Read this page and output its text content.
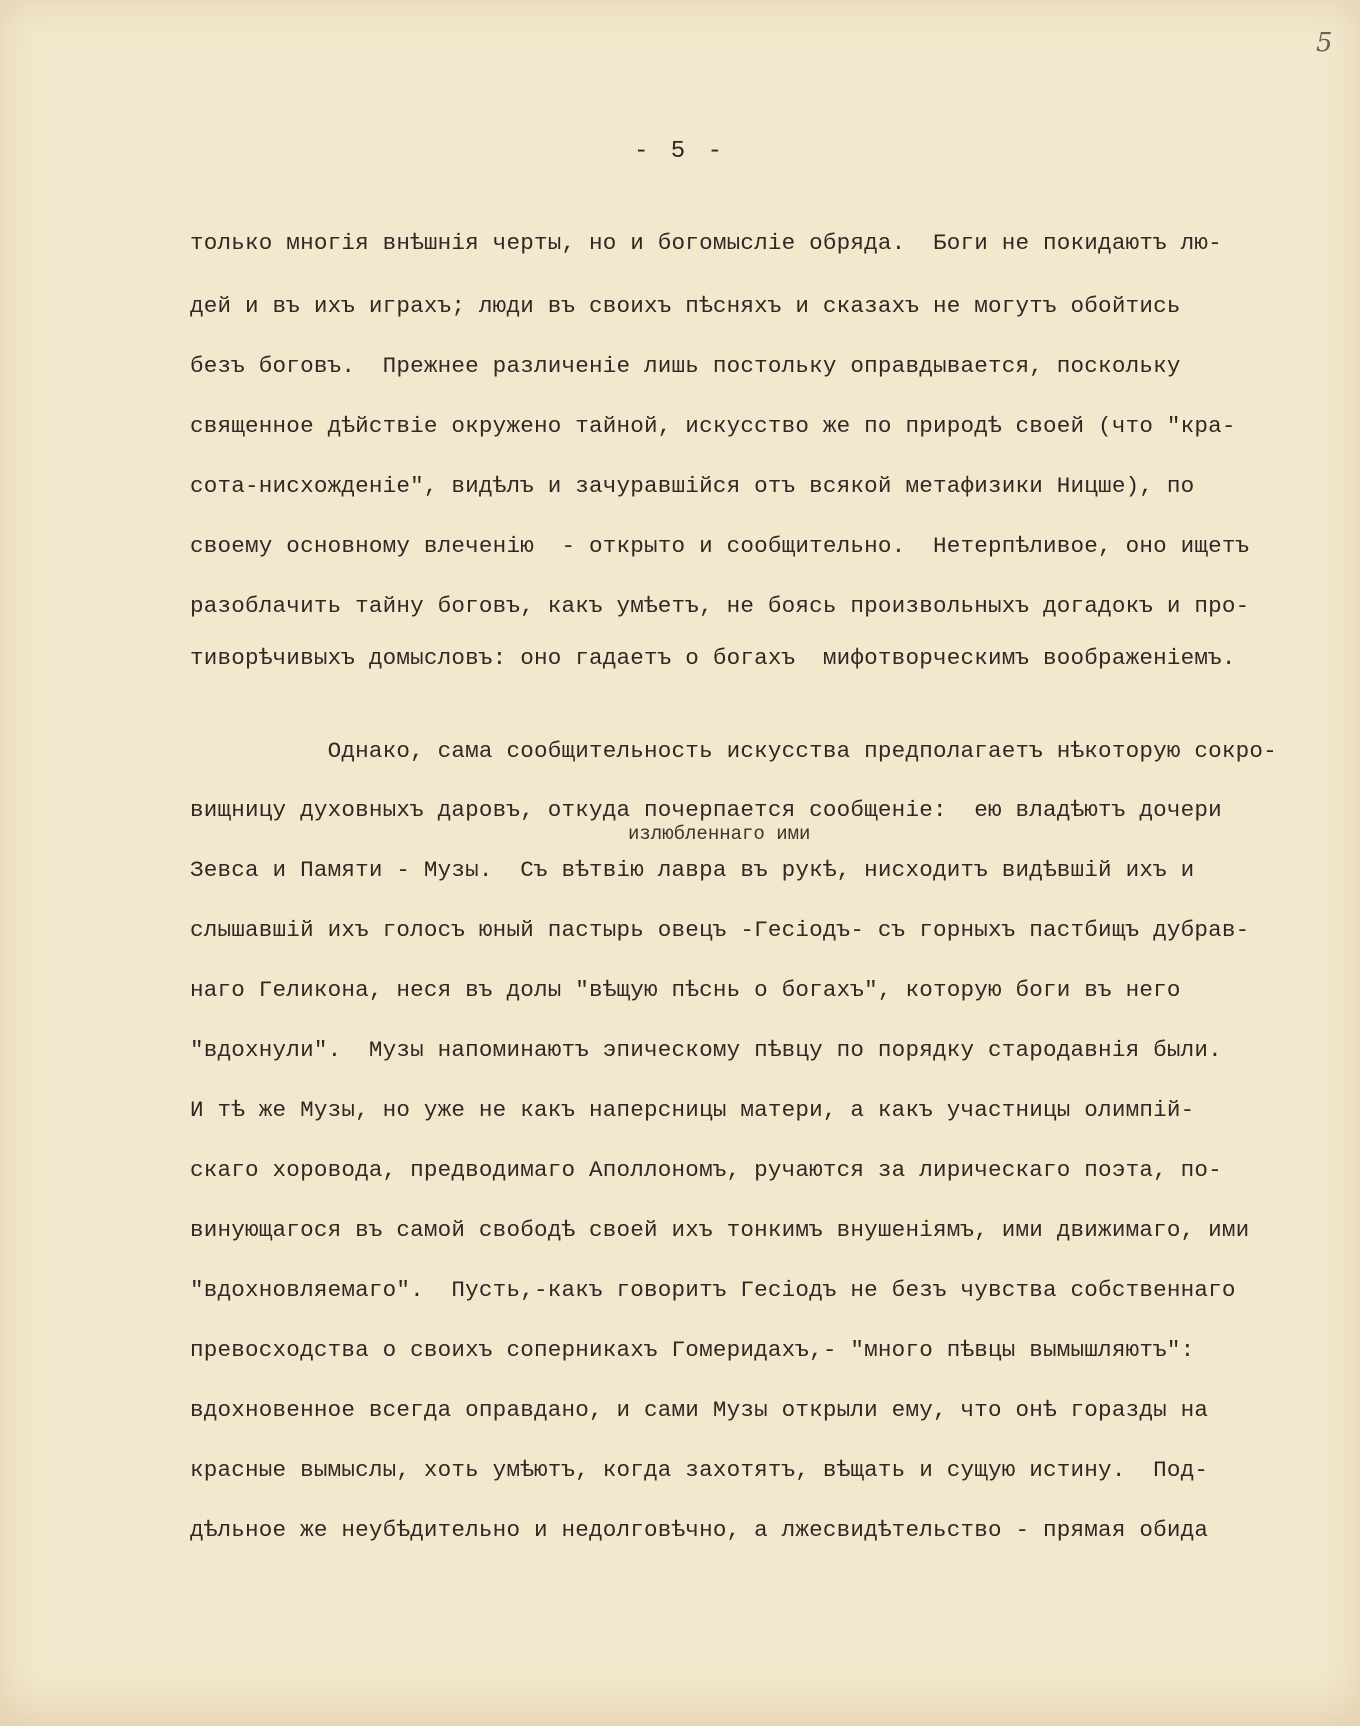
5
- 5 -
только многія внѣшнія черты, но и богомысліе обряда.  Боги не покидаютъ лю-
дей и въ ихъ играхъ; люди въ своихъ пѣсняхъ и сказахъ не могутъ обойтись
безъ боговъ.  Прежнее различеніе лишь постольку оправдывается, поскольку
священное дѣйствіе окружено тайной, искусство же по природѣ своей (что "кра-
сота-нисхожденіе", видѣлъ и зачуравшійся отъ всякой метафизики Ницше), по
своему основному влеченію  - открыто и сообщительно.  Нетерпѣливое, оно ищетъ
разоблачить тайну боговъ, какъ умѣетъ, не боясь произвольныхъ догадокъ и про-
тиворѣчивыхъ домысловъ: оно гадаетъ о богахъ  мифотворческимъ воображеніемъ.
Однако, сама сообщительность искусства предполагаетъ нѣкоторую сокро-
вищницу духовныхъ даровъ, откуда почерпается сообщеніе:  ею владѣютъ дочери
излюбленнаго ими
Зевса и Памяти - Музы.  Съ вѣтвію лавра въ рукѣ, нисходитъ видѣвшій ихъ и
слышавшій ихъ голосъ юный пастырь овецъ -Гесіодъ- съ горныхъ пастбищъ дубрав-
наго Геликона, неся въ долы "вѣщую пѣснь о богахъ", которую боги въ него
"вдохнули".  Музы напоминаютъ эпическому пѣвцу по порядку стародавнія были.
И тѣ же Музы, но уже не какъ наперсницы матери, а какъ участницы олимпій-
скаго хоровода, предводимаго Аполлономъ, ручаются за лирическаго поэта, по-
винующагося въ самой свободѣ своей ихъ тонкимъ внушеніямъ, ими движимаго, ими
"вдохновляемаго".  Пусть,-какъ говоритъ Гесіодъ не безъ чувства собственнаго
превосходства о своихъ соперникахъ Гомеридахъ,- "много пѣвцы вымышляютъ":
вдохновенное всегда оправдано, и сами Музы открыли ему, что онѣ горазды на
красные вымыслы, хоть умѣютъ, когда захотятъ, вѣщать и сущую истину.  Под-
дѣльное же неубѣдительно и недолговѣчно, а лжесвидѣтельство - прямая обида
